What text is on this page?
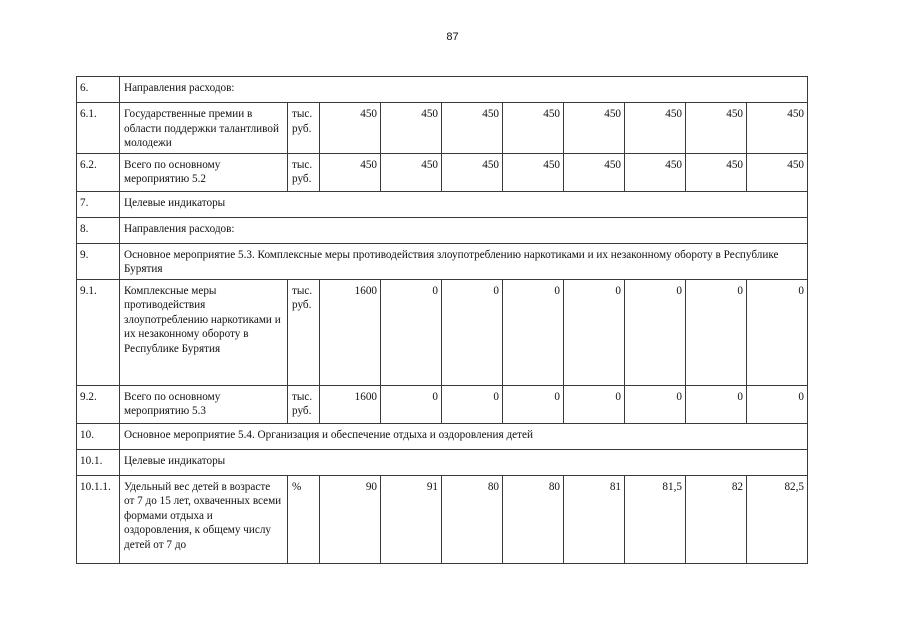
87
6.	Направления расходов:									
6.1.	Государственные премии в области поддержки талантливой молодежи	тыс. руб.	450	450	450	450	450	450	450	450
6.2.	Всего по основному мероприятию 5.2	тыс. руб.	450	450	450	450	450	450	450	450
7.	Целевые индикаторы									
8.	Направления расходов:									
9.	Основное мероприятие 5.3. Комплексные меры противодействия злоупотреблению наркотиками и их незаконному обороту в Республике Бурятия									
9.1.	Комплексные меры противодействия злоупотреблению наркотиками и их незаконному обороту в Республике Бурятия	тыс. руб.	1600	0	0	0	0	0	0	0
9.2.	Всего по основному мероприятию 5.3	тыс. руб.	1600	0	0	0	0	0	0	0
10.	Основное мероприятие 5.4. Организация и обеспечение отдыха и оздоровления детей									
10.1.	Целевые индикаторы									
10.1.1.	Удельный вес детей в возрасте от 7 до 15 лет, охваченных всеми формами отдыха и оздоровления, к общему числу детей от 7 до	%	90	91	80	80	81	81,5	82	82,5
